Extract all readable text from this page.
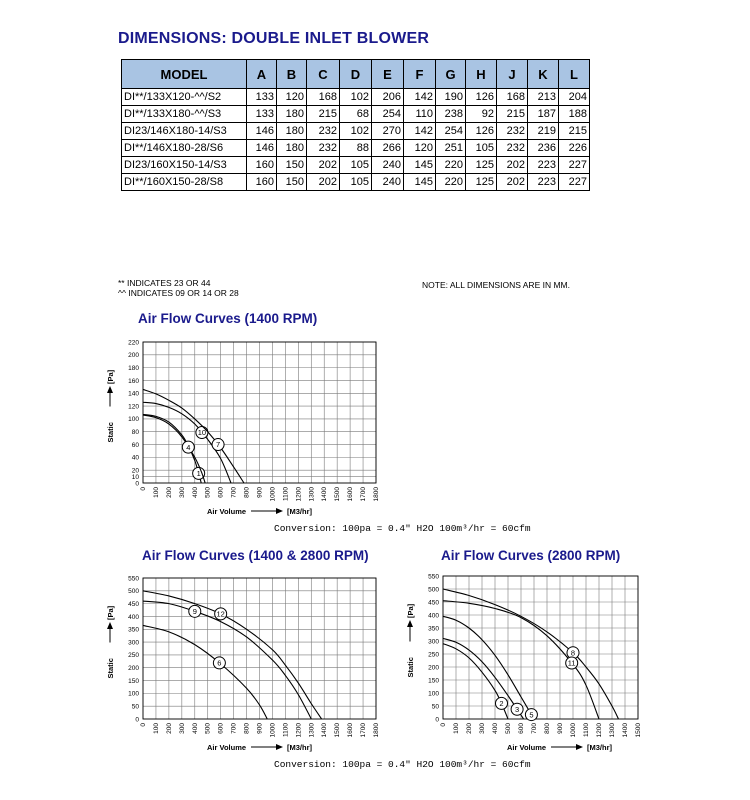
DIMENSIONS: DOUBLE INLET BLOWER
MODEL	A	B	C	D	E	F	G	H	J	K	L
DI**/133X120-^^/S2	133	120	168	102	206	142	190	126	168	213	204
DI**/133X180-^^/S3	133	180	215	68	254	110	238	92	215	187	188
DI23/146X180-14/S3	146	180	232	102	270	142	254	126	232	219	215
DI**/146X180-28/S6	146	180	232	88	266	120	251	105	232	236	226
DI23/160X150-14/S3	160	150	202	105	240	145	220	125	202	223	227
DI**/160X150-28/S8	160	150	202	105	240	145	220	125	202	223	227
** INDICATES 23 OR 44
^^ INDICATES 09 OR 14 OR 28
NOTE: ALL DIMENSIONS ARE IN MM.
Air Flow Curves (1400 RPM)
Air Flow Curves (1400 & 2800 RPM)	Air Flow Curves (2800 RPM)
Conversion: 100pa = 0.4" H2O 100m³/hr = 60cfm
Conversion: 100pa = 0.4" H2O 100m³/hr = 60cfm
0
10
20
40
60
80
100
120
140
160
180
200
220
0 100 200 300 400 500 600 700 800 900 1000 1100 1200 1300 1400 1500 1600 1700 1800
Static
[Pa]
Air Volume	[M3/hr]
1
4
10
7
0
50
100
150
200
250
300
350
400
450
500
550
0 100 200 300 400 500 600 700 800 900 1000 1100 1200 1300 1400 1500 1600 1700 1800
Static
[Pa]
Air Volume	[M3/hr]
9	12
6
0
50
100
150
200
250
300
350
400
450
500
550
0 100 200 300 400 500 600 700 800 900 1000 1100 1200 1300 1400 1500
Static
[Pa]
Air Volume	[M3/hr]
2
3
5
8
11
